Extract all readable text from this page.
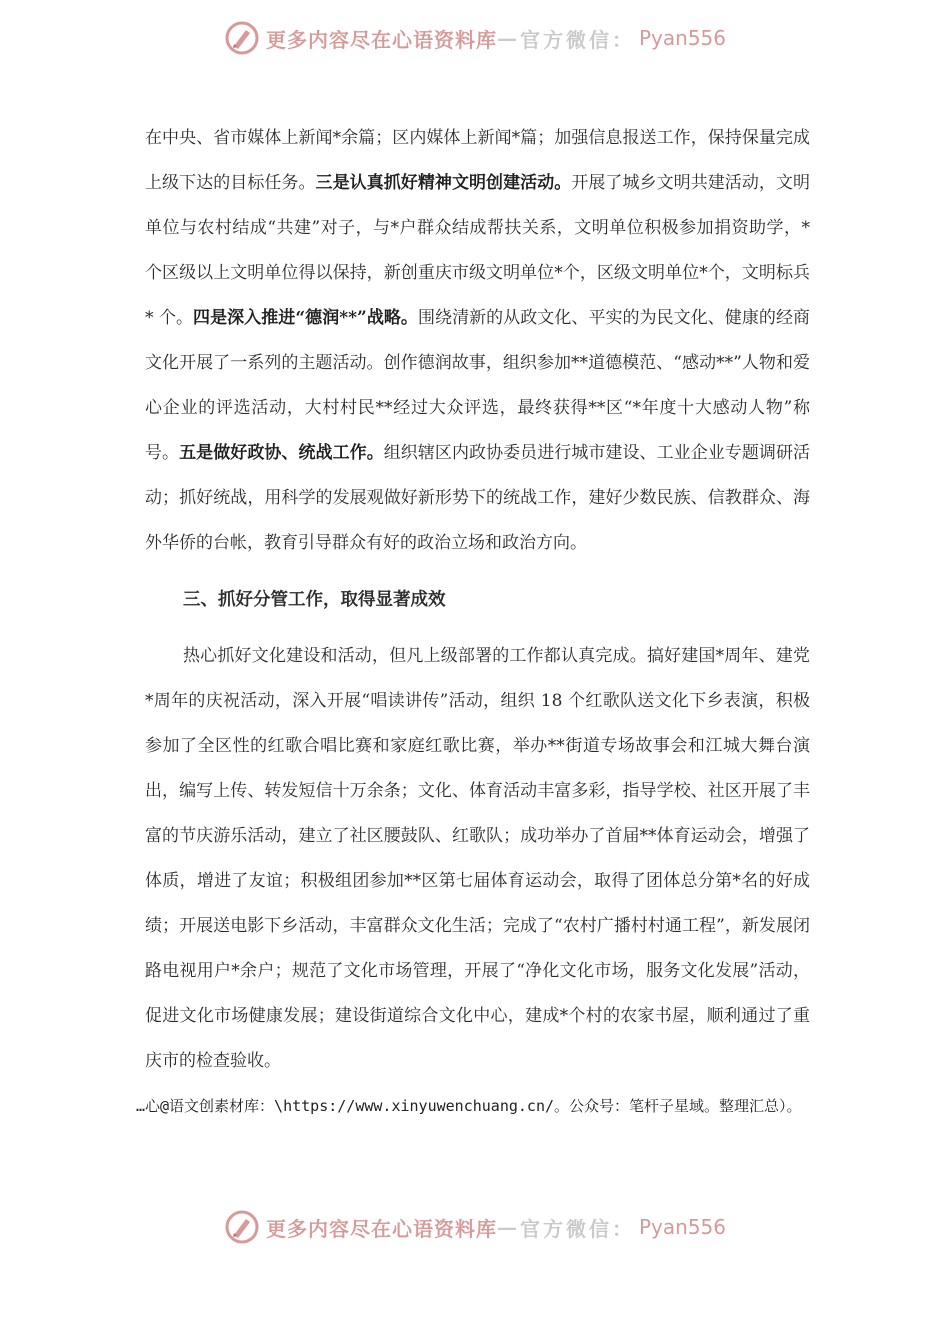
更多内容尽在心语资料库 — 官方微信： Pyan556

在中央、省市媒体上新闻*余篇；区内媒体上新闻*篇；加强信息报送工作，保持保量完成上级下达的目标任务。三是认真抓好精神文明创建活动。开展了城乡文明共建活动，文明单位与农村结成“共建”对子，与*户群众结成帮扶关系，文明单位积极参加捐资助学，* 个区级以上文明单位得以保持，新创重庆市级文明单位*个，区级文明单位*个，文明标兵* 个。四是深入推进“德润**”战略。围绕清新的从政文化、平实的为民文化、健康的经商文化开展了一系列的主题活动。创作德润故事，组织参加**道德模范、“感动**”人物和爱心企业的评选活动，大村村民**经过大众评选，最终获得**区“*年度十大感动人物”称号。五是做好政协、统战工作。组织辖区内政协委员进行城市建设、工业企业专题调研活动；抓好统战，用科学的发展观做好新形势下的统战工作，建好少数民族、信教群众、海外华侨的台帐，教育引导群众有好的政治立场和政治方向。

三、抓好分管工作，取得显著成效

热心抓好文化建设和活动，但凡上级部署的工作都认真完成。搞好建国*周年、建党*周年的庆祝活动，深入开展“唱读讲传”活动，组织 18 个红歌队送文化下乡表演，积极参加了全区性的红歌合唱比赛和家庭红歌比赛，举办**街道专场故事会和江城大舞台演出，编写上传、转发短信十万余条；文化、体育活动丰富多彩，指导学校、社区开展了丰富的节庆游乐活动，建立了社区腰鼓队、红歌队；成功举办了首届**体育运动会，增强了体质，增进了友谊；积极组团参加**区第七届体育运动会，取得了团体总分第*名的好成绩；开展送电影下乡活动，丰富群众文化生活；完成了“农村广播村村通工程”，新发展闭路电视用户*余户；规范了文化市场管理，开展了“净化文化市场，服务文化发展”活动，促进文化市场健康发展；建设街道综合文化中心，建成*个村的农家书屋，顺利通过了重庆市的检查验收。

…心@语文创素材库：\https://www.xinyuwenchuang.cn/。公众号：笔杆子星域。整理汇总）。

更多内容尽在心语资料库 — 官方微信： Pyan556
